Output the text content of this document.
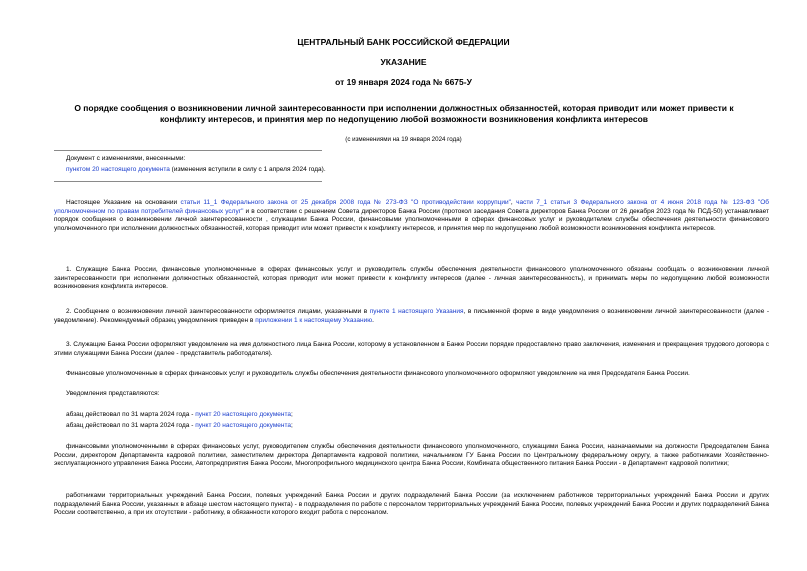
ЦЕНТРАЛЬНЫЙ БАНК РОССИЙСКОЙ ФЕДЕРАЦИИ
УКАЗАНИЕ
от 19 января 2024 года № 6675-У
О порядке сообщения о возникновении личной заинтересованности при исполнении должностных обязанностей, которая приводит или может привести к конфликту интересов, и принятия мер по недопущению любой возможности возникновения конфликта интересов
(с изменениями на 19 января 2024 года)
Документ с изменениями, внесенными:
пунктом 20 настоящего документа (изменения вступили в силу с 1 апреля 2024 года).
Настоящее Указание на основании статьи 11_1 Федерального закона от 25 декабря 2008 года № 273-ФЗ "О противодействии коррупции", части 7_1 статьи 3 Федерального закона от 4 июня 2018 года № 123-ФЗ "Об уполномоченном по правам потребителей финансовых услуг" и в соответствии с решением Совета директоров Банка России (протокол заседания Совета директоров Банка России от 26 декабря 2023 года № ПСД-50) устанавливает порядок сообщения о возникновении личной заинтересованности , служащими Банка России, финансовыми уполномоченными в сферах финансовых услуг и руководителем службы обеспечения деятельности финансового уполномоченного при исполнении должностных обязанностей, которая приводит или может привести к конфликту интересов, и принятия мер по недопущению любой возможности возникновения конфликта интересов.
1. Служащие Банка России, финансовые уполномоченные в сферах финансовых услуг и руководитель службы обеспечения деятельности финансового уполномоченного обязаны сообщать о возникновении личной заинтересованности при исполнении должностных обязанностей, которая приводит или может привести к конфликту интересов (далее - личная заинтересованность), и принимать меры по недопущению любой возможности возникновения конфликта интересов.
2. Сообщение о возникновении личной заинтересованности оформляется лицами, указанными в пункте 1 настоящего Указания, в письменной форме в виде уведомления о возникновении личной заинтересованности (далее - уведомление). Рекомендуемый образец уведомления приведен в приложении 1 к настоящему Указанию.
3. Служащие Банка России оформляют уведомление на имя должностного лица Банка России, которому в установленном в Банке России порядке предоставлено право заключения, изменения и прекращения трудового договора с этими служащими Банка России (далее - представитель работодателя).
Финансовые уполномоченные в сферах финансовых услуг и руководитель службы обеспечения деятельности финансового уполномоченного оформляют уведомление на имя Председателя Банка России.
Уведомления представляются:
абзац действовал по 31 марта 2024 года - пункт 20 настоящего документа;
абзац действовал по 31 марта 2024 года - пункт 20 настоящего документа;
финансовыми уполномоченными в сферах финансовых услуг, руководителем службы обеспечения деятельности финансового уполномоченного, служащими Банка России, назначаемыми на должности Председателем Банка России, директором Департамента кадровой политики, заместителем директора Департамента кадровой политики, начальником ГУ Банка России по Центральному федеральному округу, а также работниками Хозяйственно-эксплуатационного управления Банка России, Автопредприятия Банка России, Многопрофильного медицинского центра Банка России, Комбината общественного питания Банка России - в Департамент кадровой политики;
работниками территориальных учреждений Банка России, полевых учреждений Банка России и других подразделений Банка России (за исключением работников территориальных учреждений Банка России и других подразделений Банка России, указанных в абзаце шестом настоящего пункта) - в подразделения по работе с персоналом территориальных учреждений Банка России, полевых учреждений Банка России и других подразделений Банка России соответственно, а при их отсутствии - работнику, в обязанности которого входит работа с персоналом.
